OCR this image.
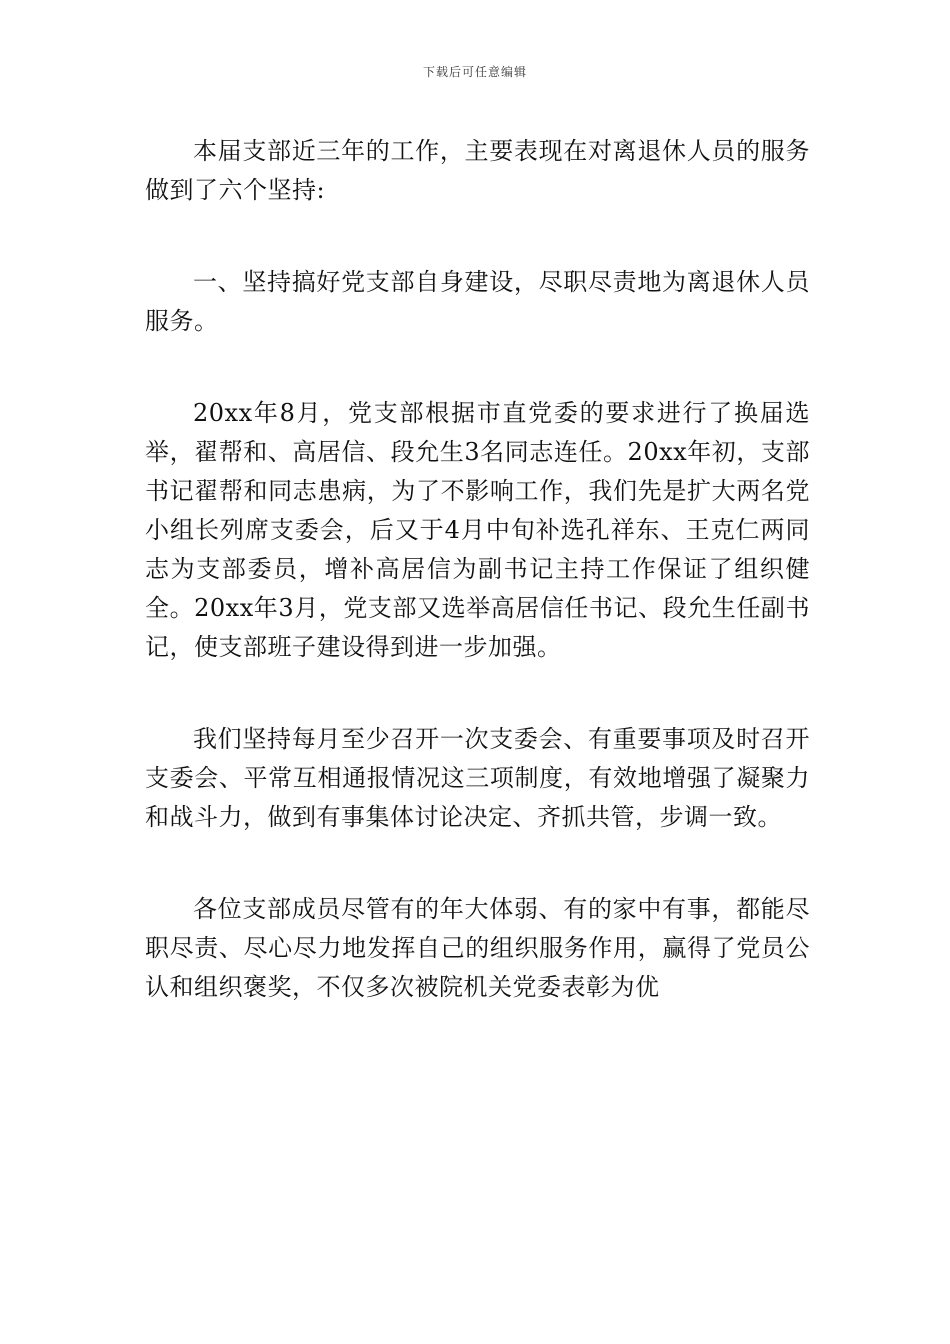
下载后可任意编辑

本届支部近三年的工作，主要表现在对离退休人员的服务做到了六个坚持:

一、坚持搞好党支部自身建设，尽职尽责地为离退休人员服务。

20xx年8月，党支部根据市直党委的要求进行了换届选举，翟帮和、高居信、段允生3名同志连任。20xx年初，支部书记翟帮和同志患病，为了不影响工作，我们先是扩大两名党小组长列席支委会，后又于4月中旬补选孔祥东、王克仁两同志为支部委员，增补高居信为副书记主持工作保证了组织健全。20xx年3月，党支部又选举高居信任书记、段允生任副书记，使支部班子建设得到进一步加强。

我们坚持每月至少召开一次支委会、有重要事项及时召开支委会、平常互相通报情况这三项制度，有效地增强了凝聚力和战斗力，做到有事集体讨论决定、齐抓共管，步调一致。

各位支部成员尽管有的年大体弱、有的家中有事，都能尽职尽责、尽心尽力地发挥自己的组织服务作用，赢得了党员公认和组织褒奖，不仅多次被院机关党委表彰为优
